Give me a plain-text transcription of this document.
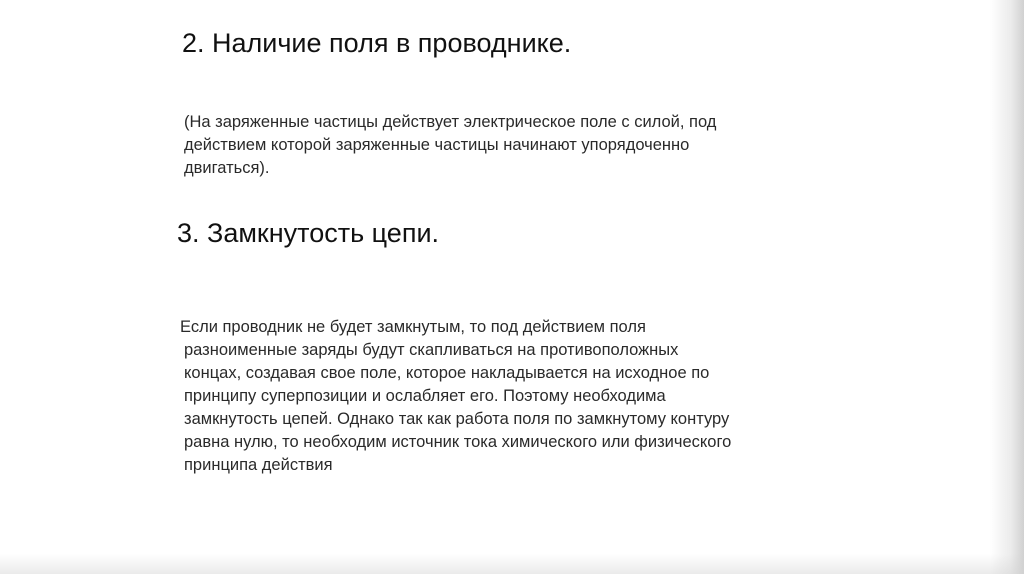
2. Наличие поля в проводнике.

(На заряженные частицы действует электрическое поле с силой, под
действием которой заряженные частицы начинают упорядоченно
двигаться).

3. Замкнутость цепи.

Если проводник не будет замкнутым, то под действием поля
разноименные заряды будут скапливаться на противоположных
концах, создавая свое поле, которое накладывается на исходное по
принципу суперпозиции и ослабляет его. Поэтому необходима
замкнутость цепей. Однако так как работа поля по замкнутому контуру
равна нулю, то необходим источник тока химического или физического
принципа действия
